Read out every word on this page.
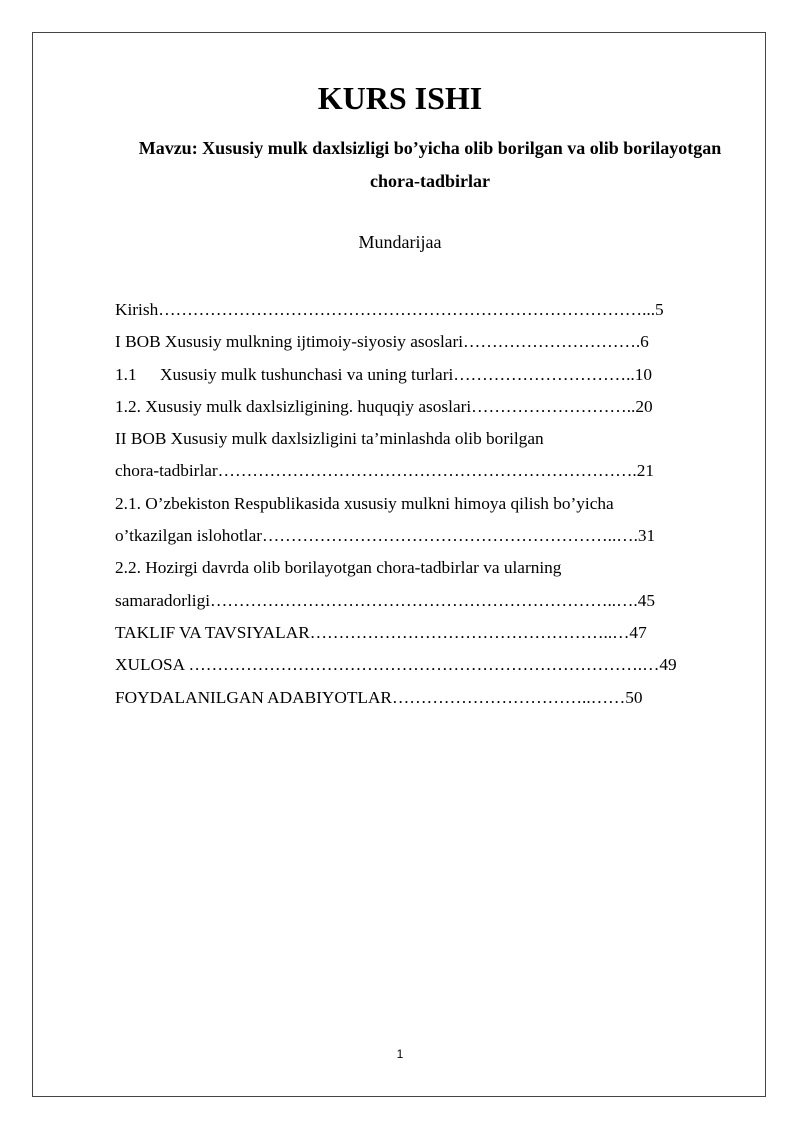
KURS ISHI
Mavzu: Xususiy mulk daxlsizligi bo’yicha olib borilgan va olib borilayotgan
chora-tadbirlar
Mundarijaa
Kirish…………………………………………………………………………...5
I BOB Xususiy mulkning ijtimoiy-siyosiy asoslari………………………….6
1.1 Xususiy mulk tushunchasi va uning turlari…………………………..10
1.2. Xususiy mulk daxlsizligining. huquqiy asoslari………………………..20
II BOB Xususiy mulk daxlsizligini ta’minlashda olib borilgan
chora-tadbirlar……………………………………………………………….21
2.1. O’zbekiston Respublikasida xususiy mulkni himoya qilish bo’yicha
o’tkazilgan islohotlar……………………………………………………..….31
2.2. Hozirgi davrda olib borilayotgan chora-tadbirlar va ularning
samaradorligi……………………………………………………………..….45
TAKLIF VA TAVSIYALAR……………………………………………..…47
XULOSA …………………………………………………………………….…49
FOYDALANILGAN ADABIYOTLAR……………………………..……50
1
